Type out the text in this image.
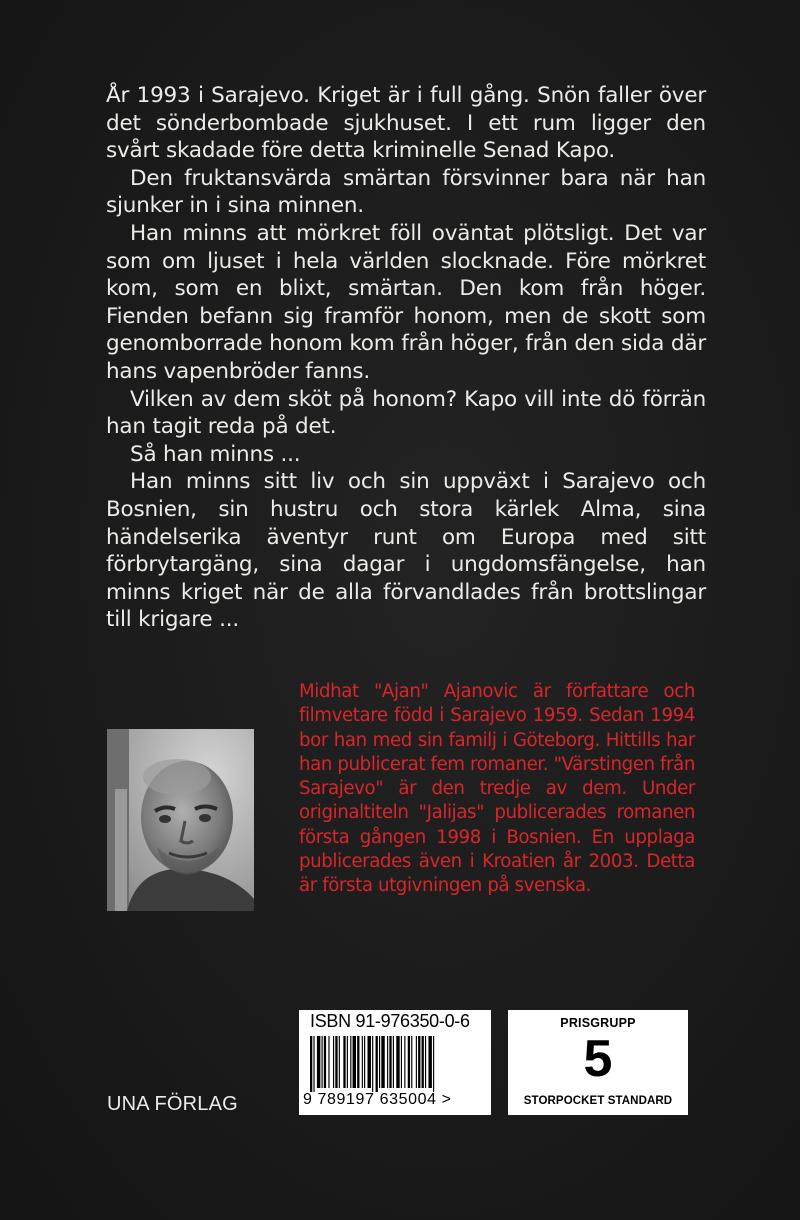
År 1993 i Sarajevo. Kriget är i full gång. Snön faller över det sönderbombade sjukhuset. I ett rum ligger den svårt skadade före detta kriminelle Senad Kapo.

Den fruktansvärda smärtan försvinner bara när han sjunker in i sina minnen.

Han minns att mörkret föll oväntat plötsligt. Det var som om ljuset i hela världen slocknade. Före mörkret kom, som en blixt, smärtan. Den kom från höger. Fienden befann sig framför honom, men de skott som genomborrade honom kom från höger, från den sida där hans vapenbröder fanns.

Vilken av dem sköt på honom? Kapo vill inte dö förrän han tagit reda på det.

Så han minns ...

Han minns sitt liv och sin uppväxt i Sarajevo och Bosnien, sin hustru och stora kärlek Alma, sina händelserika äventyr runt om Europa med sitt förbrytargäng, sina dagar i ungdomsfängelse, han minns kriget när de alla förvandlades från brottslingar till krigare ...

Midhat "Ajan" Ajanovic är författare och filmvetare född i Sarajevo 1959. Sedan 1994 bor han med sin familj i Göteborg. Hittills har han publicerat fem romaner. "Värstingen från Sarajevo" är den tredje av dem. Under originaltiteln "Jalijas" publicerades romanen första gången 1998 i Bosnien. En upplaga publicerades även i Kroatien år 2003. Detta är första utgivningen på svenska.
UNA FÖRLAG
ISBN 91-976350-0-6
9 789197 635004 >
PRISGRUPP
5
STORPOCKET STANDARD
